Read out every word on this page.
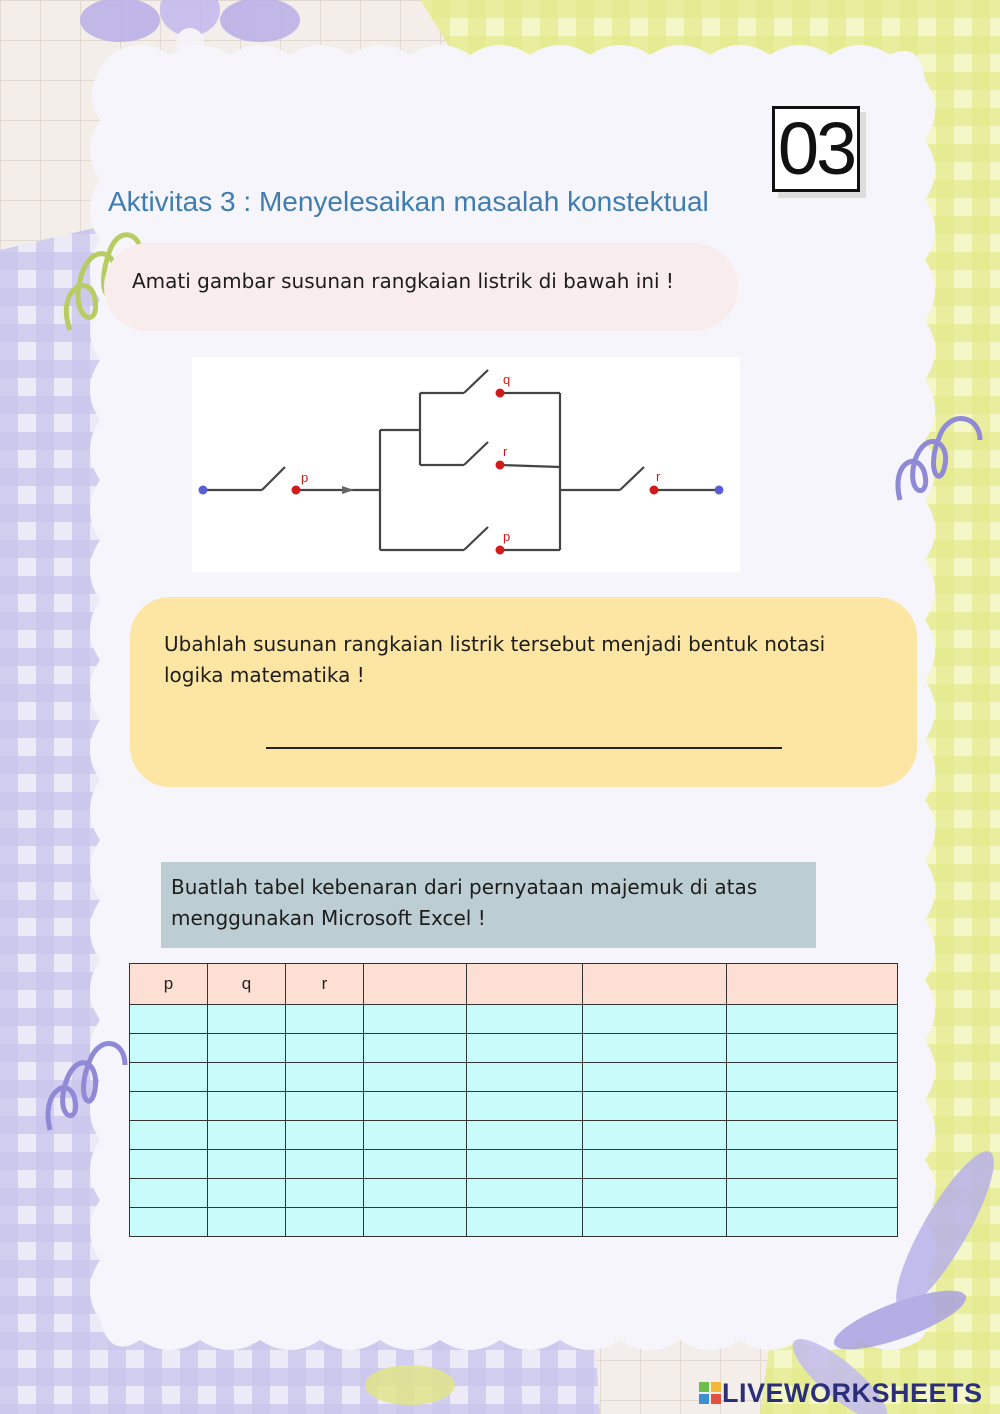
03
Aktivitas 3 : Menyelesaikan masalah konstektual
Amati gambar susunan rangkaian listrik di bawah ini !
p
q
r
p
r

Ubahlah susunan rangkaian listrik tersebut menjadi bentuk notasi logika matematika !

Buatlah tabel kebenaran dari pernyataan majemuk di atas menggunakan Microsoft Excel !

p	q	r				

LIVEWORKSHEETS
